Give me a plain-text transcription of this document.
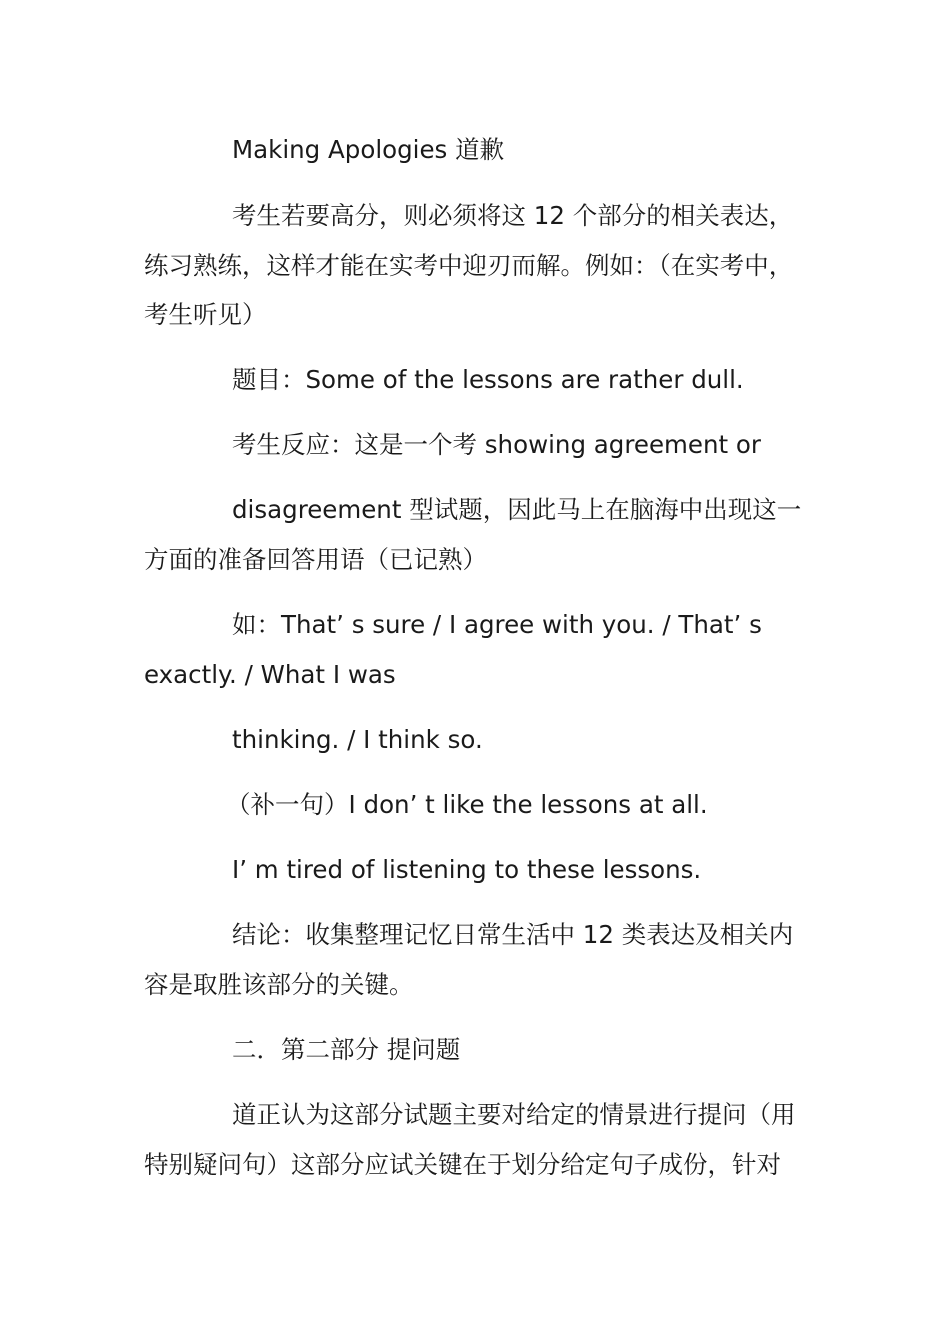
Making Apologies 道歉
考生若要高分，则必须将这 12 个部分的相关表达，
练习熟练，这样才能在实考中迎刃而解。例如：（在实考中，
考生听见）
题目：Some of the lessons are rather dull.
考生反应：这是一个考 showing agreement or
disagreement 型试题，因此马上在脑海中出现这一
方面的准备回答用语（已记熟）
如：That’ s sure / I agree with you. / That’ s
exactly. / What I was
thinking. / I think so.
（补一句）I don’ t like the lessons at all.
I’ m tired of listening to these lessons.
结论：收集整理记忆日常生活中 12 类表达及相关内
容是取胜该部分的关键。
二．第二部分 提问题
道正认为这部分试题主要对给定的情景进行提问（用
特别疑问句）这部分应试关键在于划分给定句子成份，针对
